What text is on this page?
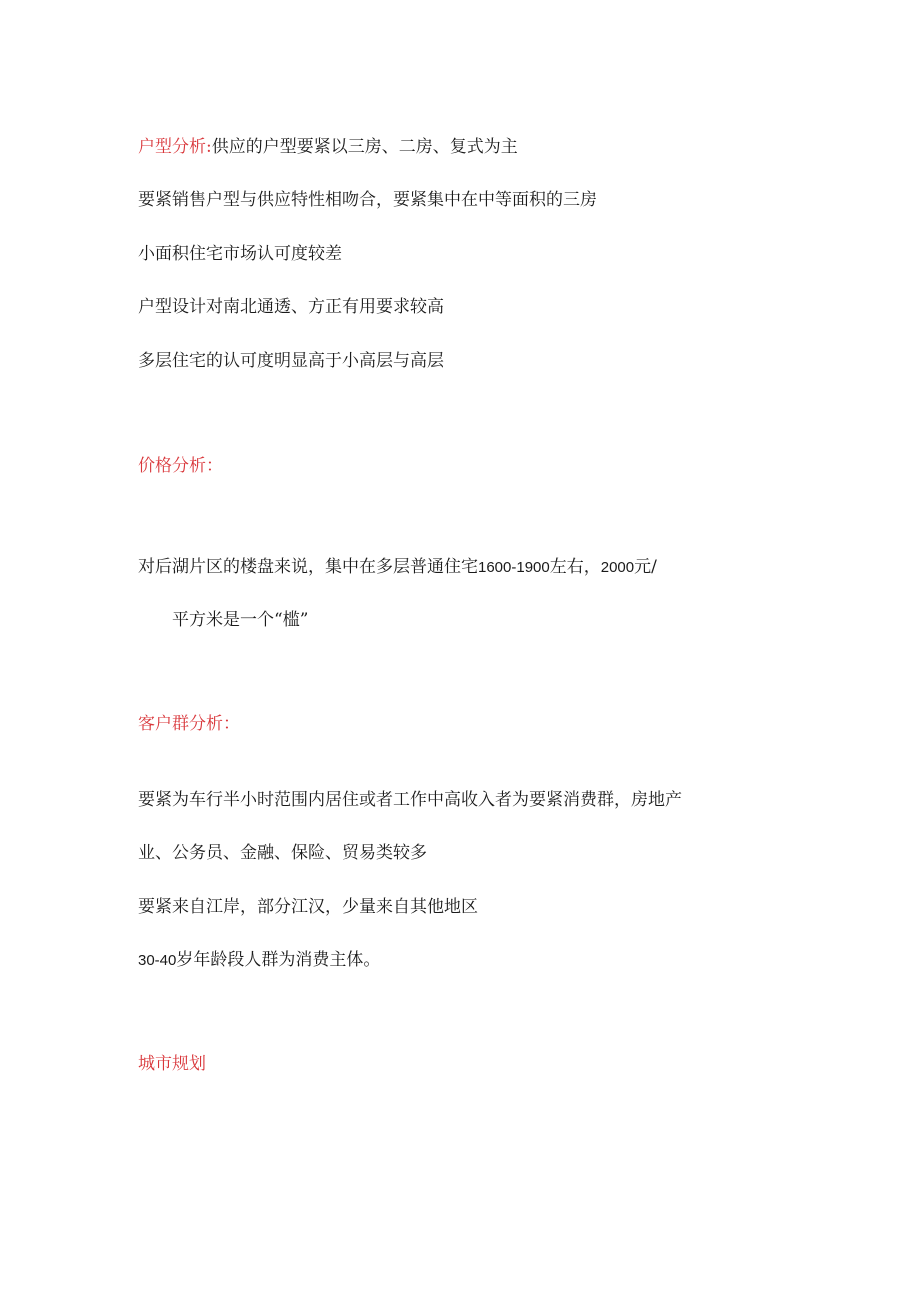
户型分析:供应的户型要紧以三房、二房、复式为主
要紧销售户型与供应特性相吻合，要紧集中在中等面积的三房
小面积住宅市场认可度较差
户型设计对南北通透、方正有用要求较高
多层住宅的认可度明显高于小高层与高层
价格分析：
对后湖片区的楼盘来说，集中在多层普通住宅1600-1900左右，2000元/
平方米是一个“槛”
客户群分析：
要紧为车行半小时范围内居住或者工作中高收入者为要紧消费群，房地产
业、公务员、金融、保险、贸易类较多
要紧来自江岸，部分江汉，少量来自其他地区
30-40岁年龄段人群为消费主体。
城市规划
